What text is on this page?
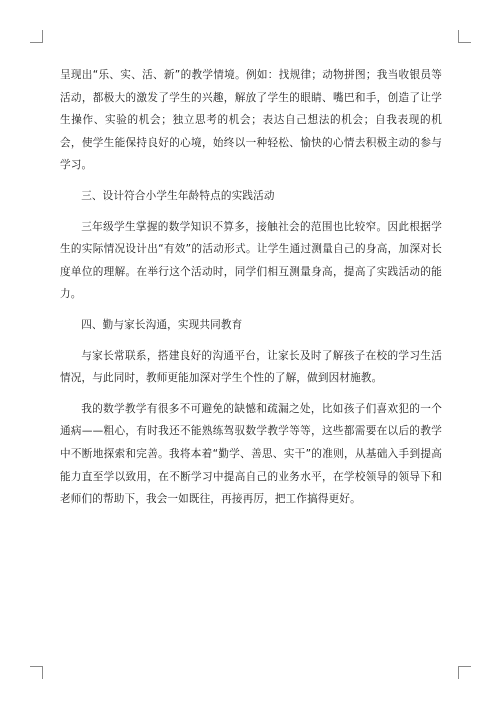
呈现出“乐、实、活、新”的教学情境。例如：找规律；动物拼图；我当收银员等活动，都极大的激发了学生的兴趣，解放了学生的眼睛、嘴巴和手，创造了让学生操作、实验的机会；独立思考的机会；表达自己想法的机会；自我表现的机会，使学生能保持良好的心境，始终以一种轻松、愉快的心情去积极主动的参与学习。

三、设计符合小学生年龄特点的实践活动

三年级学生掌握的数学知识不算多，接触社会的范围也比较窄。因此根据学生的实际情况设计出“有效”的活动形式。让学生通过测量自己的身高，加深对长度单位的理解。在举行这个活动时，同学们相互测量身高，提高了实践活动的能力。

四、勤与家长沟通，实现共同教育

与家长常联系，搭建良好的沟通平台，让家长及时了解孩子在校的学习生活情况，与此同时，教师更能加深对学生个性的了解，做到因材施教。

我的数学教学有很多不可避免的缺憾和疏漏之处，比如孩子们喜欢犯的一个通病——粗心，有时我还不能熟练驾驭数学教学等等，这些都需要在以后的教学中不断地探索和完善。我将本着“勤学、善思、实干”的准则，从基础入手到提高能力直至学以致用，在不断学习中提高自己的业务水平，在学校领导的领导下和老师们的帮助下，我会一如既往，再接再厉，把工作搞得更好。
